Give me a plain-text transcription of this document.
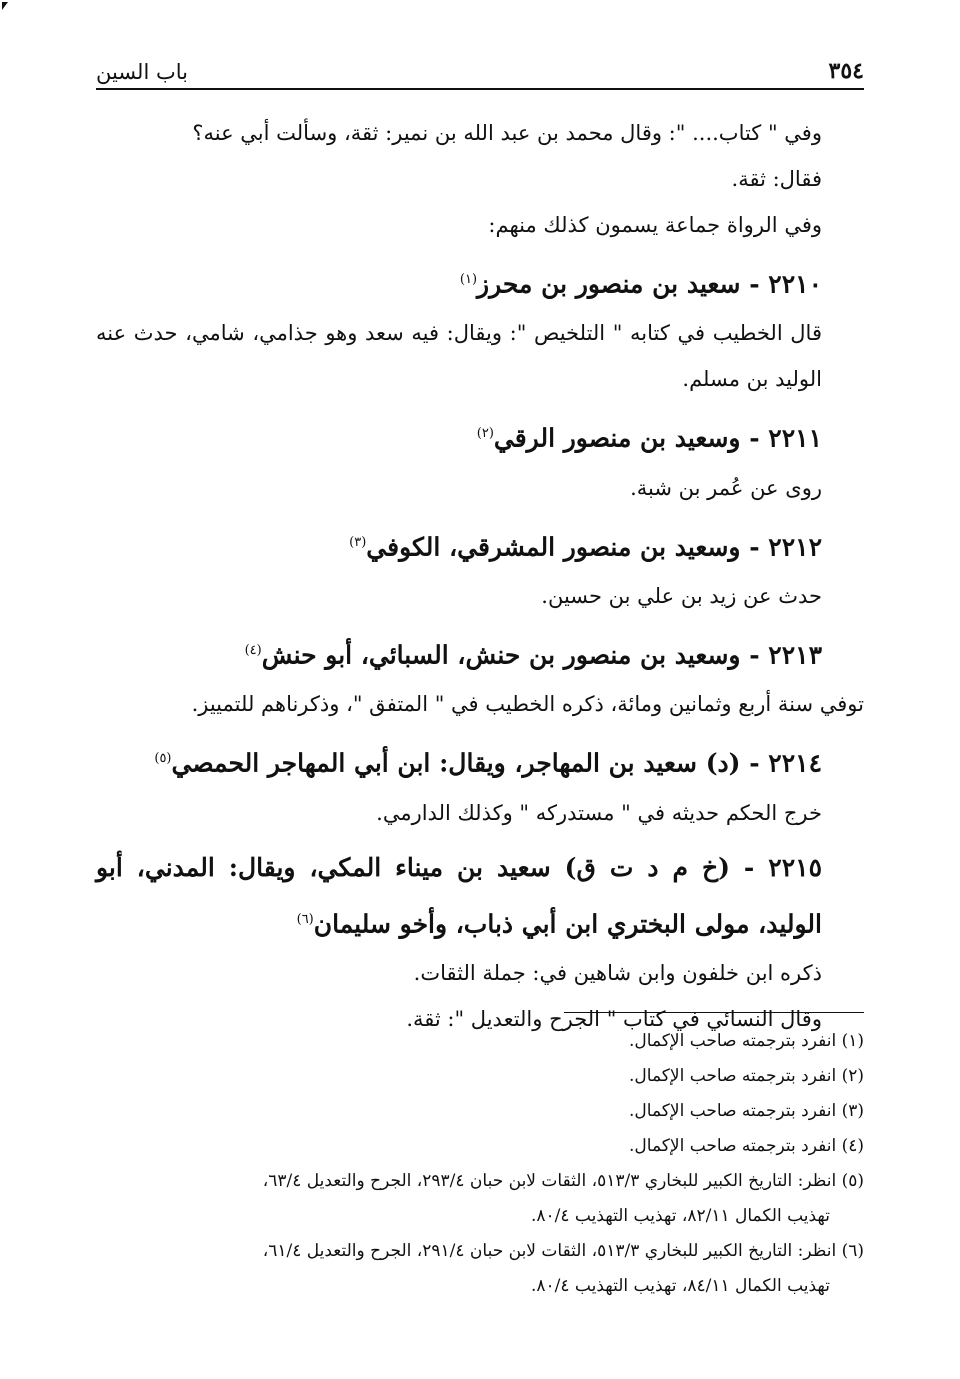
٣٥٤
باب السين

وفي " كتاب.... ": وقال محمد بن عبد الله بن نمير: ثقة، وسألت أبي عنه؟

فقال: ثقة.

وفي الرواة جماعة يسمون كذلك منهم:

٢٢١٠ - سعيد بن منصور بن محرز$^{(١)}$

قال الخطيب في كتابه " التلخيص ": ويقال: فيه سعد وهو جذامي، شامي، حدث عنه الوليد بن مسلم.

٢٢١١ - وسعيد بن منصور الرقي$^{(٢)}$

روى عن عُمر بن شبة.

٢٢١٢ - وسعيد بن منصور المشرقي، الكوفي$^{(٣)}$

حدث عن زيد بن علي بن حسين.

٢٢١٣ - وسعيد بن منصور بن حنش، السبائي، أبو حنش$^{(٤)}$

توفي سنة أربع وثمانين ومائة، ذكره الخطيب في " المتفق "، وذكرناهم للتمييز.

٢٢١٤ - (د) سعيد بن المهاجر، ويقال: ابن أبي المهاجر الحمصي$^{(٥)}$

خرج الحكم حديثه في " مستدركه " وكذلك الدارمي.

٢٢١٥ - (خ م د ت ق) سعيد بن ميناء المكي، ويقال: المدني، أبو الوليد، مولى البختري ابن أبي ذباب، وأخو سليمان$^{(٦)}$

ذكره ابن خلفون وابن شاهين في: جملة الثقات.

وقال النسائي في كتاب " الجرح والتعديل ": ثقة.

(١) انفرد بترجمته صاحب الإكمال.

(٢) انفرد بترجمته صاحب الإكمال.

(٣) انفرد بترجمته صاحب الإكمال.

(٤) انفرد بترجمته صاحب الإكمال.

(٥) انظر: التاريخ الكبير للبخاري ٥١٣/٣، الثقات لابن حبان ٢٩٣/٤، الجرح والتعديل ٦٣/٤،
تهذيب الكمال ٨٢/١١، تهذيب التهذيب ٨٠/٤.

(٦) انظر: التاريخ الكبير للبخاري ٥١٣/٣، الثقات لابن حبان ٢٩١/٤، الجرح والتعديل ٦١/٤،
تهذيب الكمال ٨٤/١١، تهذيب التهذيب ٨٠/٤.
